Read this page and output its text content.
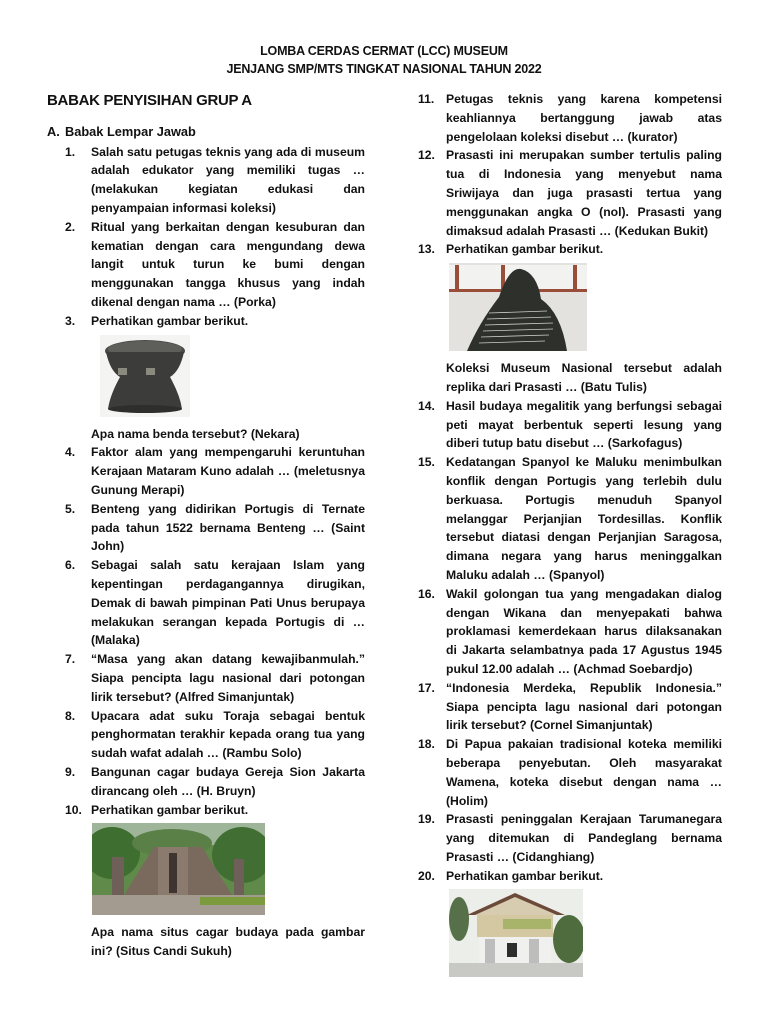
LOMBA CERDAS CERMAT (LCC) MUSEUM
JENJANG SMP/MTS TINGKAT NASIONAL TAHUN 2022
BABAK PENYISIHAN GRUP A
A. Babak Lempar Jawab
1.	Salah satu petugas teknis yang ada di museum adalah edukator yang memiliki tugas … (melakukan kegiatan edukasi dan penyampaian informasi koleksi)

2.	Ritual yang berkaitan dengan kesuburan dan kematian dengan cara mengundang dewa langit untuk turun ke bumi dengan menggunakan tangga khusus yang indah dikenal dengan nama … (Porka)

3.	Perhatikan gambar berikut.

Apa nama benda tersebut? (Nekara)

4.	Faktor alam yang mempengaruhi keruntuhan Kerajaan Mataram Kuno adalah … (meletusnya Gunung Merapi)

5.	Benteng yang didirikan Portugis di Ternate pada tahun 1522 bernama Benteng … (Saint John)

6.	Sebagai salah satu kerajaan Islam yang kepentingan perdagangannya dirugikan, Demak di bawah pimpinan Pati Unus berupaya melakukan serangan kepada Portugis di … (Malaka)

7.	“Masa yang akan datang kewajibanmulah.” Siapa pencipta lagu nasional dari potongan lirik tersebut? (Alfred Simanjuntak)

8.	Upacara adat suku Toraja sebagai bentuk penghormatan terakhir kepada orang tua yang sudah wafat adalah … (Rambu Solo)

9.	Bangunan cagar budaya Gereja Sion Jakarta dirancang oleh … (H. Bruyn)

10. Perhatikan gambar berikut.

Apa nama situs cagar budaya pada gambar ini? (Situs Candi Sukuh)

11. Petugas teknis yang karena kompetensi keahliannya bertanggung jawab atas pengelolaan koleksi disebut … (kurator)

12. Prasasti ini merupakan sumber tertulis paling tua di Indonesia yang menyebut nama Sriwijaya dan juga prasasti tertua yang menggunakan angka O (nol). Prasasti yang dimaksud adalah Prasasti … (Kedukan Bukit)

13. Perhatikan gambar berikut.

Koleksi Museum Nasional tersebut adalah replika dari Prasasti … (Batu Tulis)

14. Hasil budaya megalitik yang berfungsi sebagai peti mayat berbentuk seperti lesung yang diberi tutup batu disebut … (Sarkofagus)

15. Kedatangan Spanyol ke Maluku menimbulkan konflik dengan Portugis yang terlebih dulu berkuasa. Portugis menuduh Spanyol melanggar Perjanjian Tordesillas. Konflik tersebut diatasi dengan Perjanjian Saragosa, dimana negara yang harus meninggalkan Maluku adalah … (Spanyol)

16. Wakil golongan tua yang mengadakan dialog dengan Wikana dan menyepakati bahwa proklamasi kemerdekaan harus dilaksanakan di Jakarta selambatnya pada 17 Agustus 1945 pukul 12.00 adalah … (Achmad Soebardjo)

17. “Indonesia Merdeka, Republik Indonesia.” Siapa pencipta lagu nasional dari potongan lirik tersebut? (Cornel Simanjuntak)

18. Di Papua pakaian tradisional koteka memiliki beberapa penyebutan. Oleh masyarakat Wamena, koteka disebut dengan nama … (Holim)

19. Prasasti peninggalan Kerajaan Tarumanegara yang ditemukan di Pandeglang bernama Prasasti … (Cidanghiang)

20. Perhatikan gambar berikut.
